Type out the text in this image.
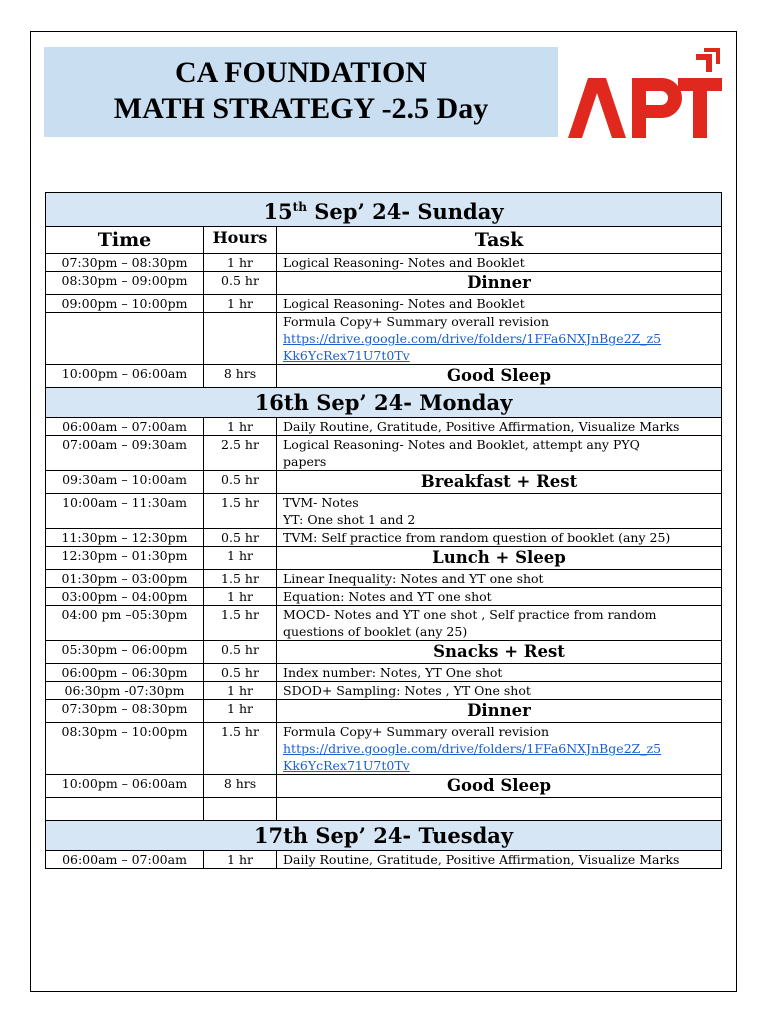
CA FOUNDATION
MATH STRATEGY -2.5 Day
15th Sep’ 24- Sunday		
Time	Hours	Task
07:30pm – 08:30pm	1 hr	Logical Reasoning- Notes and Booklet
08:30pm – 09:00pm	0.5 hr	Dinner
09:00pm – 10:00pm	1 hr	Logical Reasoning- Notes and Booklet

		Formula Copy+ Summary overall revision
https://drive.google.com/drive/folders/1FFa6NXJnBge2Z_z5
Kk6YcRex71U7t0Tv

10:00pm – 06:00am	8 hrs	Good Sleep
16th Sep’ 24- Monday		
06:00am – 07:00am	1 hr	Daily Routine, Gratitude, Positive Affirmation, Visualize Marks
07:00am – 09:30am	2.5 hr	Logical Reasoning- Notes and Booklet, attempt any PYQ
papers

09:30am – 10:00am	0.5 hr	Breakfast + Rest
10:00am – 11:30am	1.5 hr	TVM- Notes
YT: One shot 1 and 2

11:30pm – 12:30pm	0.5 hr	TVM: Self practice from random question of booklet (any 25)
12:30pm – 01:30pm	1 hr	Lunch + Sleep
01:30pm – 03:00pm	1.5 hr	Linear Inequality: Notes and YT one shot
03:00pm – 04:00pm	1 hr	Equation: Notes and YT one shot
04:00 pm –05:30pm	1.5 hr	MOCD- Notes and YT one shot , Self practice from random
questions of booklet (any 25)

05:30pm – 06:00pm	0.5 hr	Snacks + Rest
06:00pm – 06:30pm	0.5 hr	Index number: Notes, YT One shot
06:30pm -07:30pm	1 hr	SDOD+ Sampling: Notes , YT One shot
07:30pm – 08:30pm	1 hr	Dinner
08:30pm – 10:00pm	1.5 hr	Formula Copy+ Summary overall revision
https://drive.google.com/drive/folders/1FFa6NXJnBge2Z_z5
Kk6YcRex71U7t0Tv

10:00pm – 06:00am	8 hrs	Good Sleep

17th Sep’ 24- Tuesday		
06:00am – 07:00am	1 hr	Daily Routine, Gratitude, Positive Affirmation, Visualize Marks
